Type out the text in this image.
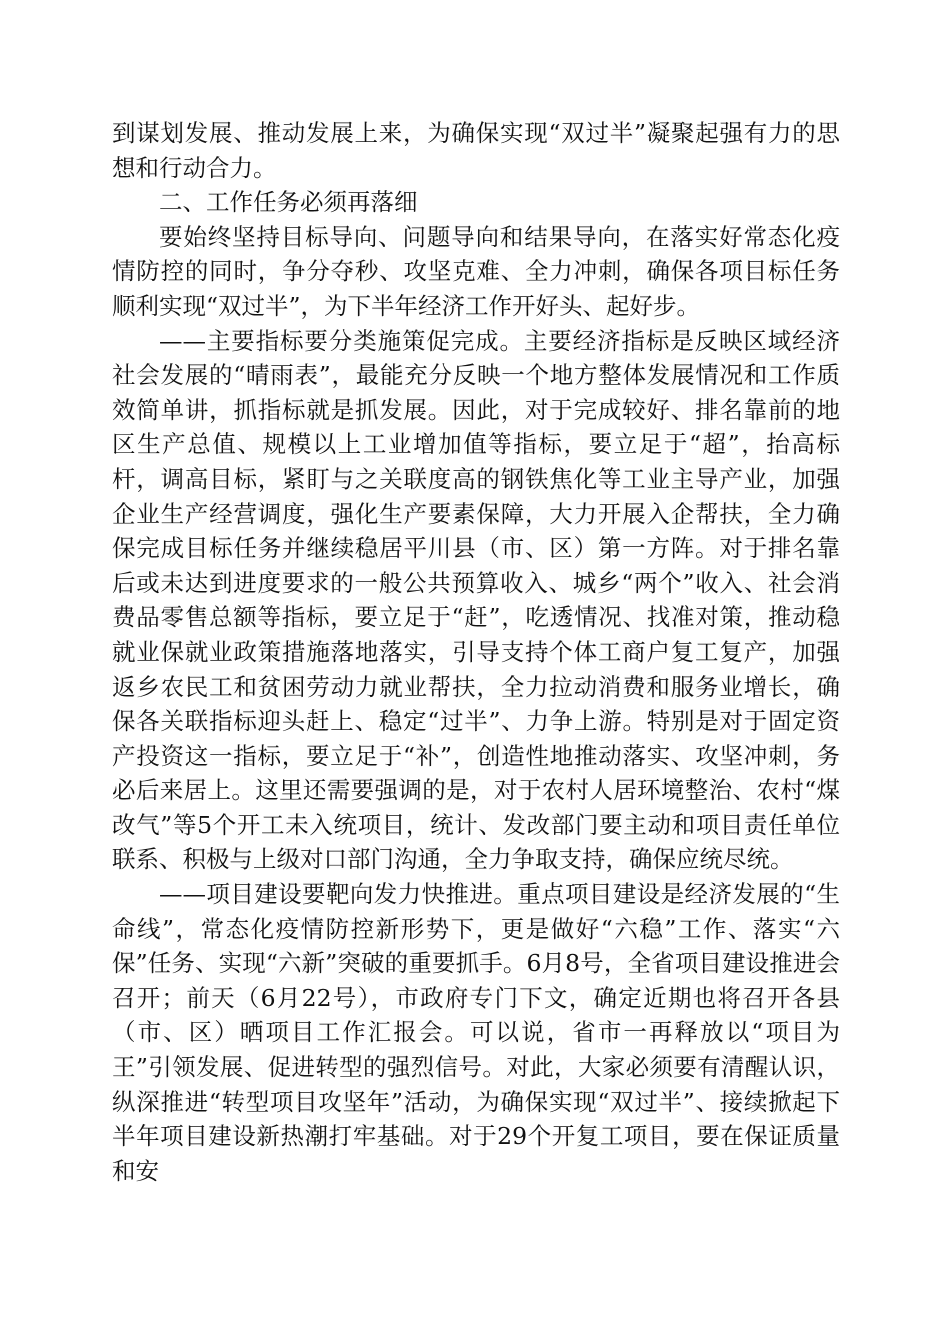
到谋划发展、推动发展上来，为确保实现“双过半”凝聚起强有力的思想和行动合力。

二、工作任务必须再落细

要始终坚持目标导向、问题导向和结果导向，在落实好常态化疫情防控的同时，争分夺秒、攻坚克难、全力冲刺，确保各项目标任务顺利实现“双过半”，为下半年经济工作开好头、起好步。

——主要指标要分类施策促完成。主要经济指标是反映区域经济社会发展的“晴雨表”，最能充分反映一个地方整体发展情况和工作质效简单讲，抓指标就是抓发展。因此，对于完成较好、排名靠前的地区生产总值、规模以上工业增加值等指标，要立足于“超”，抬高标杆，调高目标，紧盯与之关联度高的钢铁焦化等工业主导产业，加强企业生产经营调度，强化生产要素保障，大力开展入企帮扶，全力确保完成目标任务并继续稳居平川县（市、区）第一方阵。对于排名靠后或未达到进度要求的一般公共预算收入、城乡“两个”收入、社会消费品零售总额等指标，要立足于“赶”，吃透情况、找准对策，推动稳就业保就业政策措施落地落实，引导支持个体工商户复工复产，加强返乡农民工和贫困劳动力就业帮扶，全力拉动消费和服务业增长，确保各关联指标迎头赶上、稳定“过半”、力争上游。特别是对于固定资产投资这一指标，要立足于“补”，创造性地推动落实、攻坚冲刺，务必后来居上。这里还需要强调的是，对于农村人居环境整治、农村“煤改气”等5个开工未入统项目，统计、发改部门要主动和项目责任单位联系、积极与上级对口部门沟通，全力争取支持，确保应统尽统。

——项目建设要靶向发力快推进。重点项目建设是经济发展的“生命线”，常态化疫情防控新形势下，更是做好“六稳”工作、落实“六保”任务、实现“六新”突破的重要抓手。6月8号，全省项目建设推进会召开；前天（6月22号），市政府专门下文，确定近期也将召开各县（市、区）晒项目工作汇报会。可以说，省市一再释放以“项目为王”引领发展、促进转型的强烈信号。对此，大家必须要有清醒认识，纵深推进“转型项目攻坚年”活动，为确保实现“双过半”、接续掀起下半年项目建设新热潮打牢基础。对于29个开复工项目，要在保证质量和安
